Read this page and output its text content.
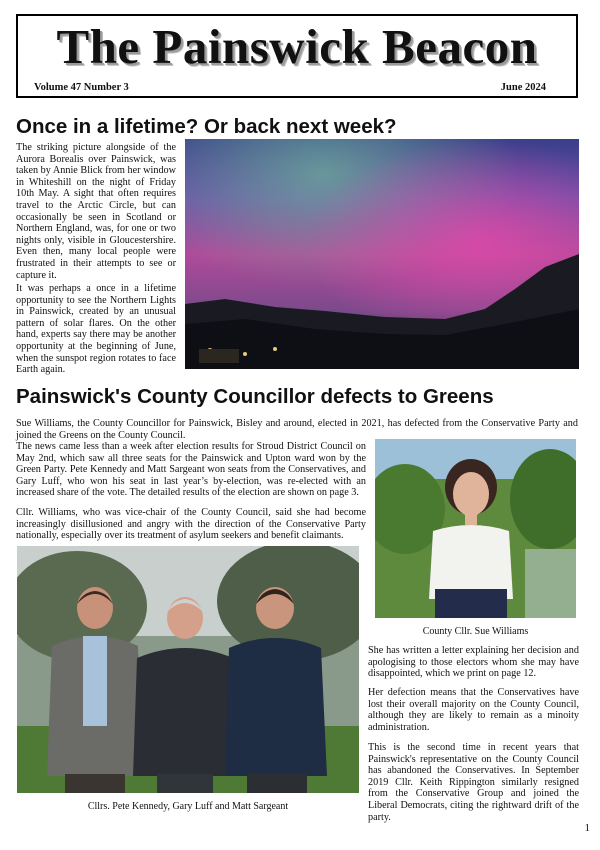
The Painswick Beacon
Volume 47 Number 3	June 2024
Once in a lifetime? Or back next week?

The striking picture alongside of the Aurora Borealis over Painswick, was taken by Annie Blick from her window in Whiteshill on the night of Friday 10th May. A sight that often requires travel to the Arctic Circle, but can occasionally be seen in Scotland or Northern England, was, for one or two nights only, visible in Gloucestershire. Even then, many local people were frustrated in their attempts to see or capture it.

It was perhaps a once in a lifetime opportunity to see the Northern Lights in Painswick, created by an unusual pattern of solar flares. On the other hand, experts say there may be another opportunity at the beginning of June, when the sunspot region rotates to face Earth again.

Painswick's County Councillor defects to Greens

Sue Williams, the County Councillor for Painswick, Bisley and around, elected in 2021, has defected from the Conservative Party and joined the Greens on the County Council.

The news came less than a week after election results for Stroud District Council on May 2nd, which saw all three seats for the Painswick and Upton ward won by the Green Party. Pete Kennedy and Matt Sargeant won seats from the Conservatives, and Gary Luff, who won his seat in last year’s by-election, was re-elected with an increased share of the vote. The detailed results of the election are shown on page 3.

Cllr. Williams, who was vice-chair of the County Council, said she had become increasingly disillusioned and angry with the direction of the Conservative Party nationally, especially over its treatment of asylum seekers and benefit claimants.

County Cllr. Sue Williams

She has written a letter explaining her decision and apologising to those electors whom she may have disappointed, which we print on page 12.

Her defection means that the Conservatives have lost their overall majority on the County Council, although they are likely to remain as a minoity administration.

This is the second time in recent years that Painswick's representative on the County Council has abandoned the Conservatives. In September 2019 Cllr. Keith Rippington similarly resigned from the Conservative Group and joined the Liberal Democrats, citing the rightward drift of the party.

Cllrs. Pete Kennedy, Gary Luff and Matt Sargeant
1
